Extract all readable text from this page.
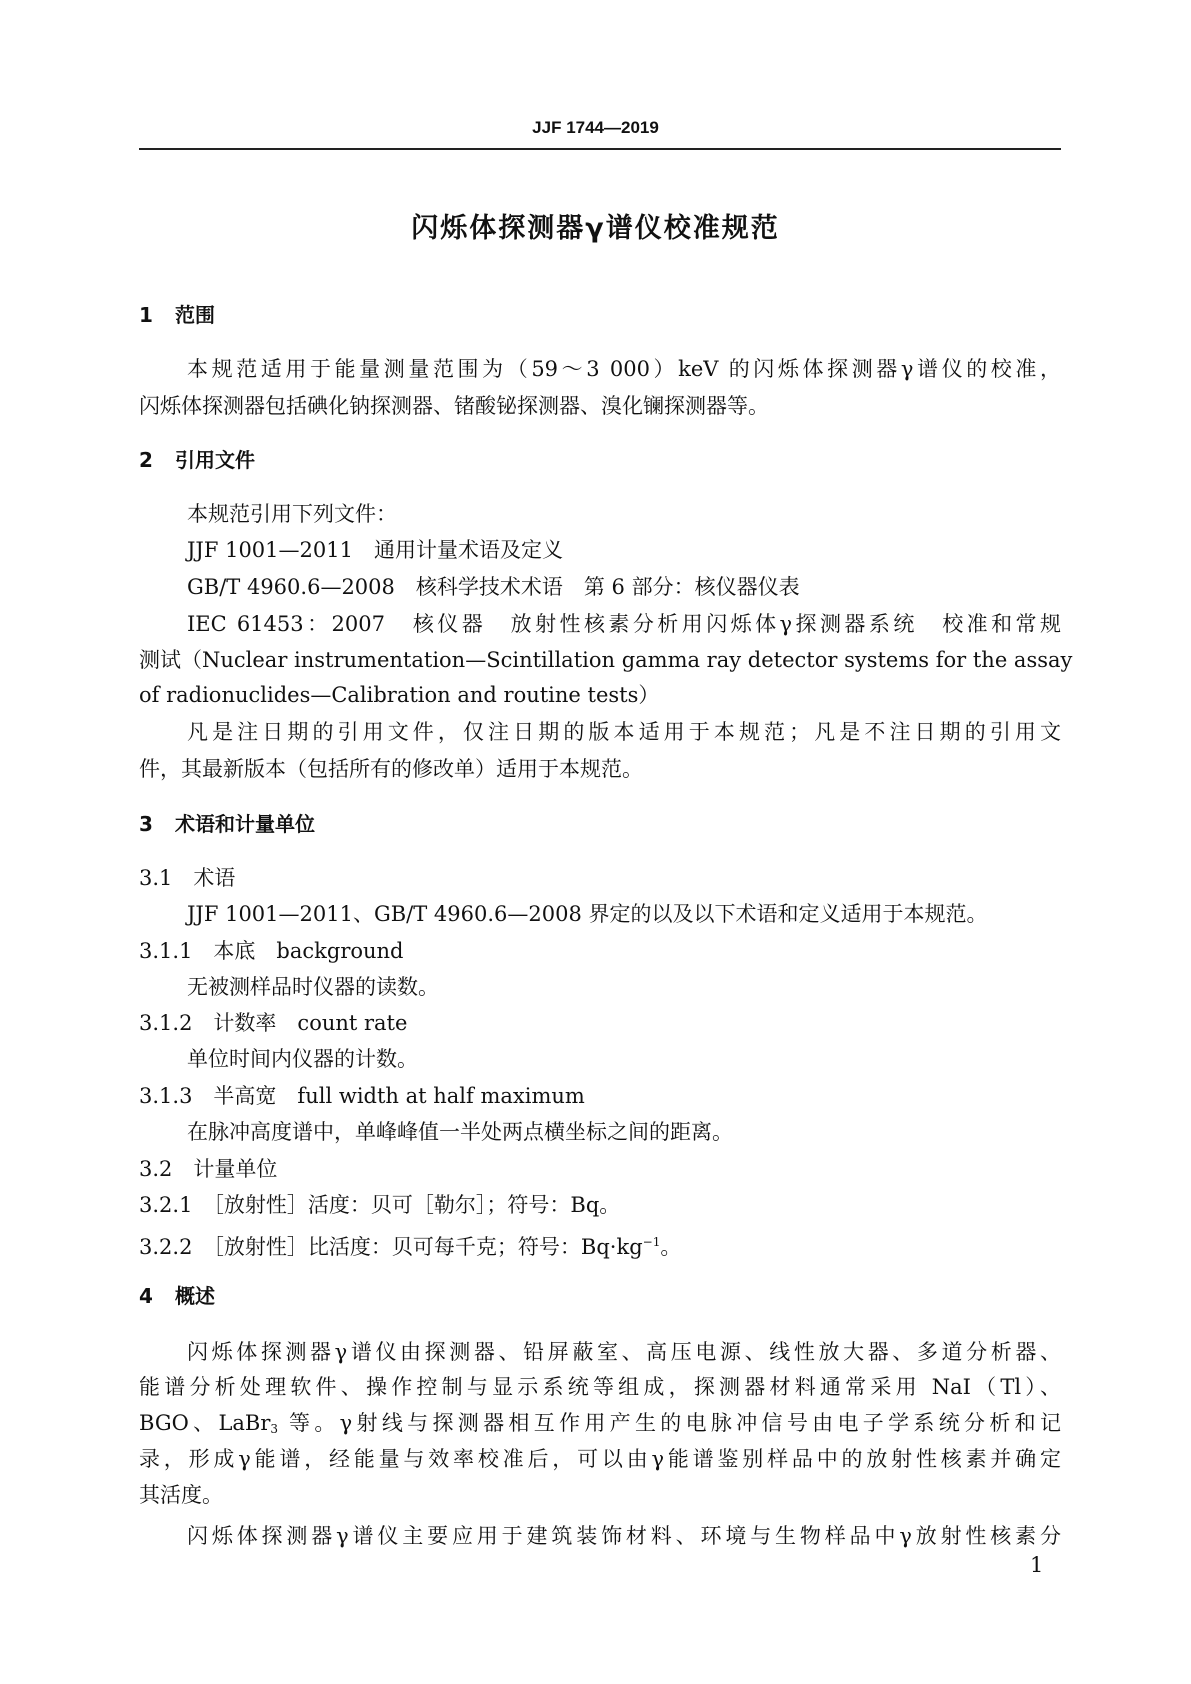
JJF 1744—2019
闪烁体探测器γ谱仪校准规范
1 范围
本规范适用于能量测量范围为（59～3 000）keV 的闪烁体探测器γ谱仪的校准，
闪烁体探测器包括碘化钠探测器、锗酸铋探测器、溴化镧探测器等。
2 引用文件
本规范引用下列文件：
JJF 1001—2011　通用计量术语及定义
GB/T 4960.6—2008　核科学技术术语　第 6 部分：核仪器仪表
IEC 61453：2007　核仪器　放射性核素分析用闪烁体γ探测器系统　校准和常规
测试（Nuclear instrumentation—Scintillation gamma ray detector systems for the assay
of radionuclides—Calibration and routine tests）
凡是注日期的引用文件，仅注日期的版本适用于本规范；凡是不注日期的引用文
件，其最新版本（包括所有的修改单）适用于本规范。
3 术语和计量单位
3.1　术语
JJF 1001—2011、GB/T 4960.6—2008 界定的以及以下术语和定义适用于本规范。
3.1.1　本底　background
无被测样品时仪器的读数。
3.1.2　计数率　count rate
单位时间内仪器的计数。
3.1.3　半高宽　full width at half maximum
在脉冲高度谱中，单峰峰值一半处两点横坐标之间的距离。
3.2　计量单位
3.2.1　［放射性］活度：贝可［勒尔］；符号：Bq。
3.2.2　［放射性］比活度：贝可每千克；符号：$Bq\cdot kg^{-1}$。
4 概述
闪烁体探测器γ谱仪由探测器、铅屏蔽室、高压电源、线性放大器、多道分析器、
能谱分析处理软件、操作控制与显示系统等组成，探测器材料通常采用 NaI（Tl）、
BGO、LaBr$_3$ 等。γ射线与探测器相互作用产生的电脉冲信号由电子学系统分析和记
录，形成γ能谱，经能量与效率校准后，可以由γ能谱鉴别样品中的放射性核素并确定
其活度。
闪烁体探测器γ谱仪主要应用于建筑装饰材料、环境与生物样品中γ放射性核素分
1
